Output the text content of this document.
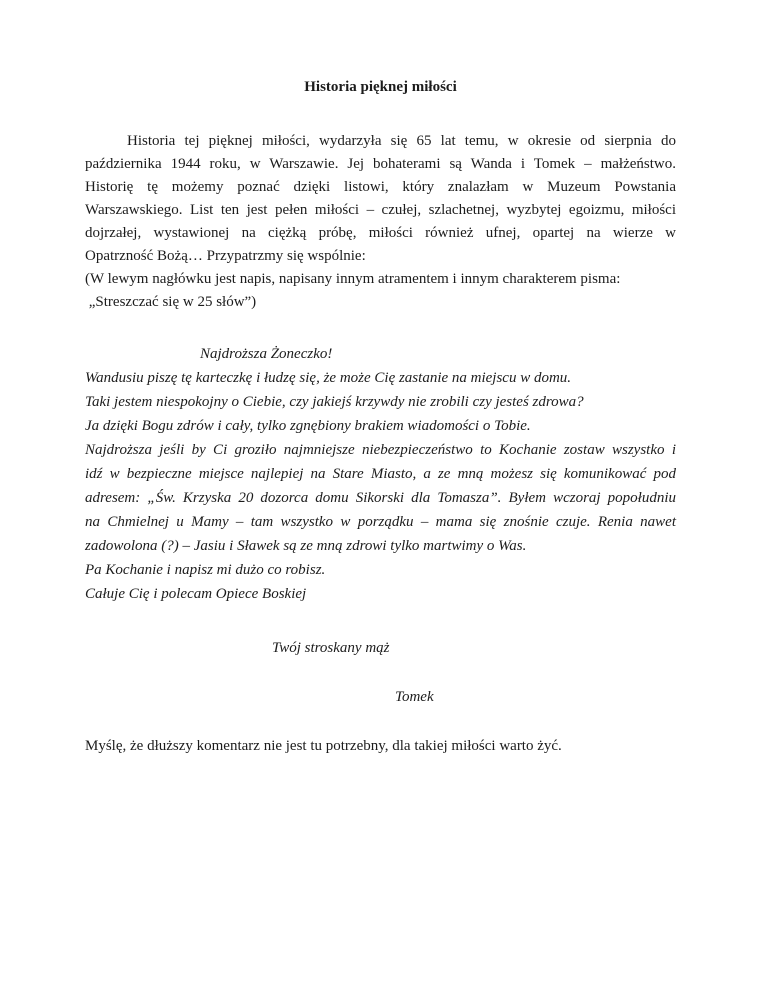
Historia pięknej miłości
Historia tej pięknej miłości, wydarzyła się 65 lat temu, w okresie od sierpnia do
października 1944 roku, w Warszawie. Jej bohaterami są Wanda i Tomek – małżeństwo.
Historię tę możemy poznać dzięki listowi, który znalazłam w Muzeum Powstania
Warszawskiego. List ten jest pełen miłości – czułej, szlachetnej, wyzbytej egoizmu, miłości
dojrzałej, wystawionej na ciężką próbę, miłości również ufnej, opartej na wierze w
Opatrzność Bożą… Przypatrzmy się wspólnie:
(W lewym nagłówku jest napis, napisany innym atramentem i innym charakterem pisma:
„Streszczać się w 25 słów”)
Najdroższa Żoneczko!
Wandusiu piszę tę karteczkę i łudzę się, że może Cię zastanie na miejscu w domu.
Taki jestem niespokojny o Ciebie, czy jakiejś krzywdy nie zrobili czy jesteś zdrowa?
Ja dzięki Bogu zdrów i cały, tylko zgnębiony brakiem wiadomości o Tobie.
Najdroższa jeśli by Ci groziło najmniejsze niebezpieczeństwo to Kochanie zostaw wszystko i
idź w bezpieczne miejsce najlepiej na Stare Miasto, a ze mną możesz się komunikować pod
adresem: „Św. Krzyska 20 dozorca domu Sikorski dla Tomasza”. Byłem wczoraj popołudniu
na Chmielnej u Mamy – tam wszystko w porządku – mama się znośnie czuje. Renia nawet
zadowolona (?) – Jasiu i Sławek są ze mną zdrowi tylko martwimy o Was.
Pa Kochanie i napisz mi dużo co robisz.
Całuje Cię i polecam Opiece Boskiej
Twój stroskany mąż
Tomek
Myślę, że dłuższy komentarz nie jest tu potrzebny, dla takiej miłości warto żyć.
